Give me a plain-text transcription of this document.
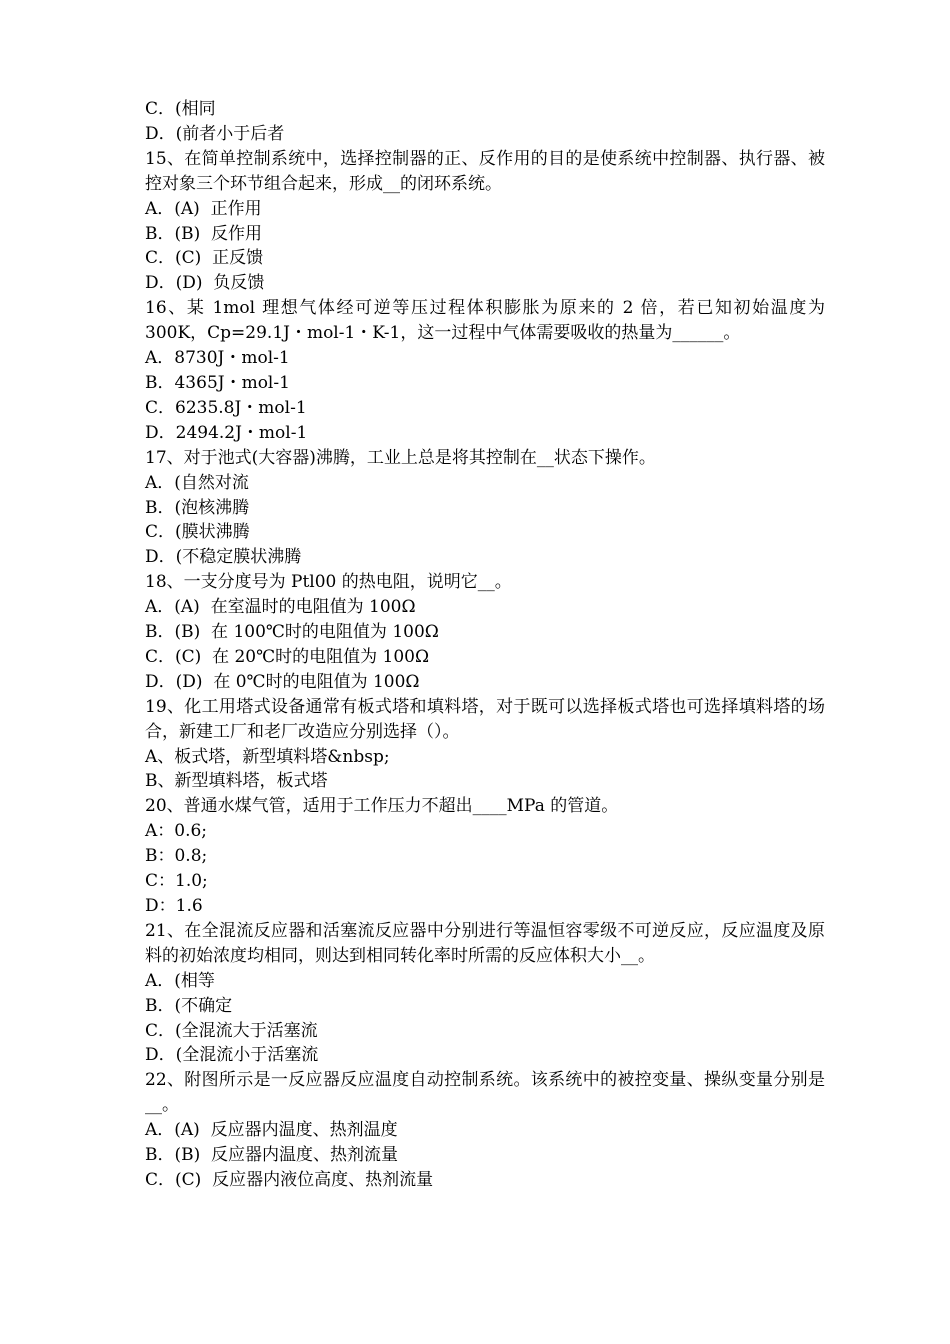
C．(相同
D．(前者小于后者
15、在简单控制系统中，选择控制器的正、反作用的目的是使系统中控制器、执行器、被控对象三个环节组合起来，形成__的闭环系统。
A．(A)  正作用
B．(B)  反作用
C．(C)  正反馈
D．(D)  负反馈
16、某 1mol 理想气体经可逆等压过程体积膨胀为原来的 2 倍，若已知初始温度为 300K，Cp=29.1J・mol-1・K-1，这一过程中气体需要吸收的热量为______。
A．8730J・mol-1
B．4365J・mol-1
C．6235.8J・mol-1
D．2494.2J・mol-1
17、对于池式(大容器)沸腾，工业上总是将其控制在__状态下操作。
A．(自然对流
B．(泡核沸腾
C．(膜状沸腾
D．(不稳定膜状沸腾
18、一支分度号为 Ptl00 的热电阻，说明它__。
A．(A)  在室温时的电阻值为 100Ω
B．(B)  在 100℃时的电阻值为 100Ω
C．(C)  在 20℃时的电阻值为 100Ω
D．(D)  在 0℃时的电阻值为 100Ω
19、化工用塔式设备通常有板式塔和填料塔，对于既可以选择板式塔也可选择填料塔的场合，新建工厂和老厂改造应分别选择（）。
A、板式塔，新型填料塔&nbsp;
B、新型填料塔，板式塔
20、普通水煤气管，适用于工作压力不超出____MPa 的管道。
A：0.6;
B：0.8;
C：1.0;
D：1.6
21、在全混流反应器和活塞流反应器中分别进行等温恒容零级不可逆反应，反应温度及原料的初始浓度均相同，则达到相同转化率时所需的反应体积大小__。
A．(相等
B．(不确定
C．(全混流大于活塞流
D．(全混流小于活塞流
22、附图所示是一反应器反应温度自动控制系统。该系统中的被控变量、操纵变量分别是__。
A．(A)  反应器内温度、热剂温度
B．(B)  反应器内温度、热剂流量
C．(C)  反应器内液位高度、热剂流量
